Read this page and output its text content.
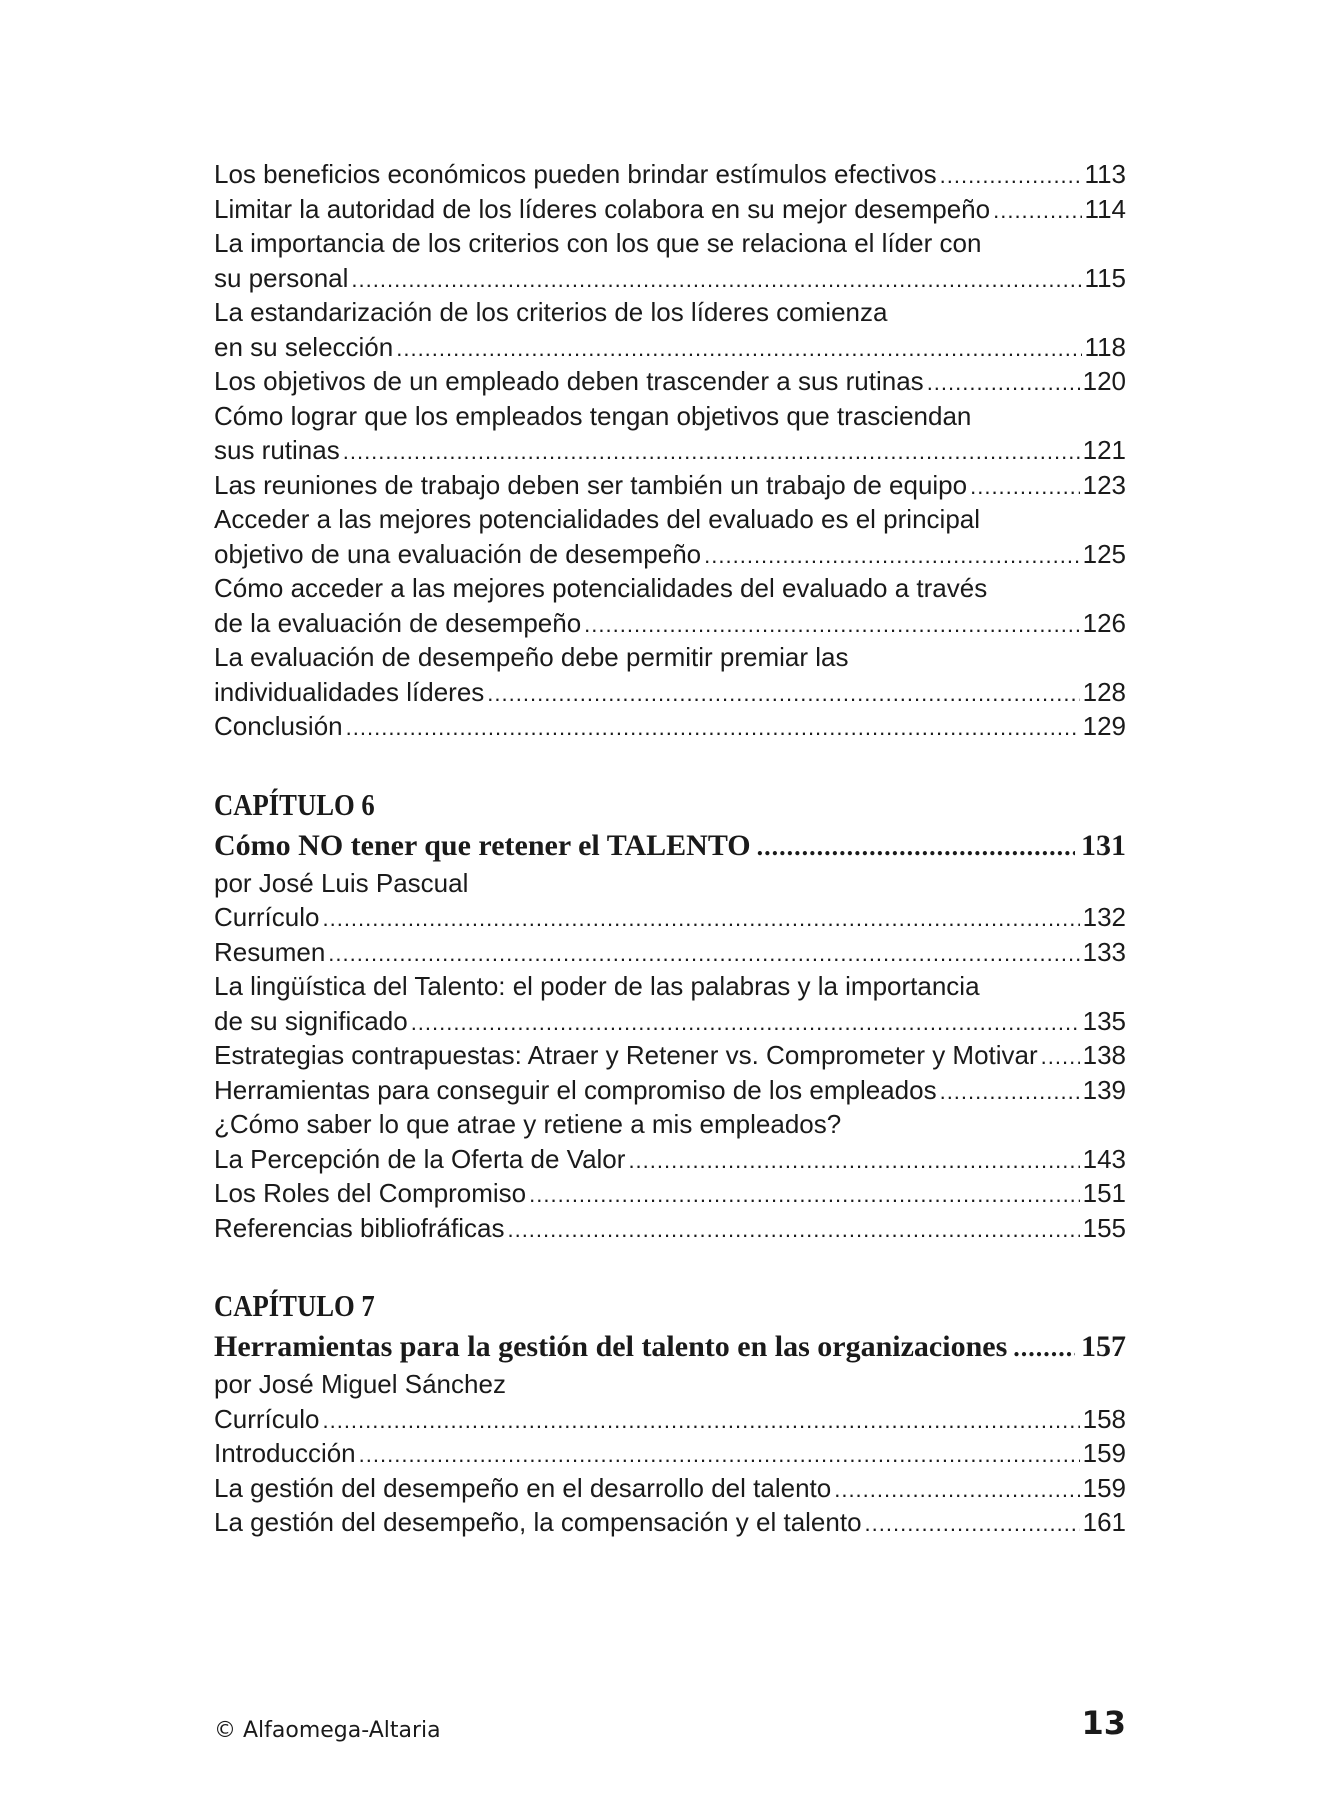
Los beneficios económicos pueden brindar estímulos efectivos .....	113
Limitar la autoridad de los líderes colabora en su mejor desempeño .....	114
La importancia de los criterios con los que se relaciona el líder con
su personal .....	115
La estandarización de los criterios de los líderes comienza
en su selección .....	118
Los objetivos de un empleado deben trascender a sus rutinas .....	120
Cómo lograr que los empleados tengan objetivos que trasciendan
sus rutinas .....	121
Las reuniones de trabajo deben ser también un trabajo de equipo .....	123
Acceder a las mejores potencialidades del evaluado es el principal
objetivo de una evaluación de desempeño .....	125
Cómo acceder a las mejores potencialidades del evaluado a través
de la evaluación de desempeño .....	126
La evaluación de desempeño debe permitir premiar las
individualidades líderes .....	128
Conclusión .....	129
CAPÍTULO 6
Cómo NO tener que retener el TALENTO .....	131
por José Luis Pascual
Currículo .....	132
Resumen .....	133
La lingüística del Talento: el poder de las palabras y la importancia
de su significado .....	135
Estrategias contrapuestas: Atraer y Retener vs. Comprometer y Motivar ..... 138
Herramientas para conseguir el compromiso de los empleados .....	139
¿Cómo saber lo que atrae y retiene a mis empleados?
La Percepción de la Oferta de Valor .....	143
Los Roles del Compromiso .....	151
Referencias bibliofráficas .....	155
CAPÍTULO 7
Herramientas para la gestión del talento en las organizaciones ..... 157
por José Miguel Sánchez
Currículo .....	158
Introducción .....	159
La gestión del desempeño en el desarrollo del talento .....	159
La gestión del desempeño, la compensación y el talento .....	161
© Alfaomega-Altaria	13
